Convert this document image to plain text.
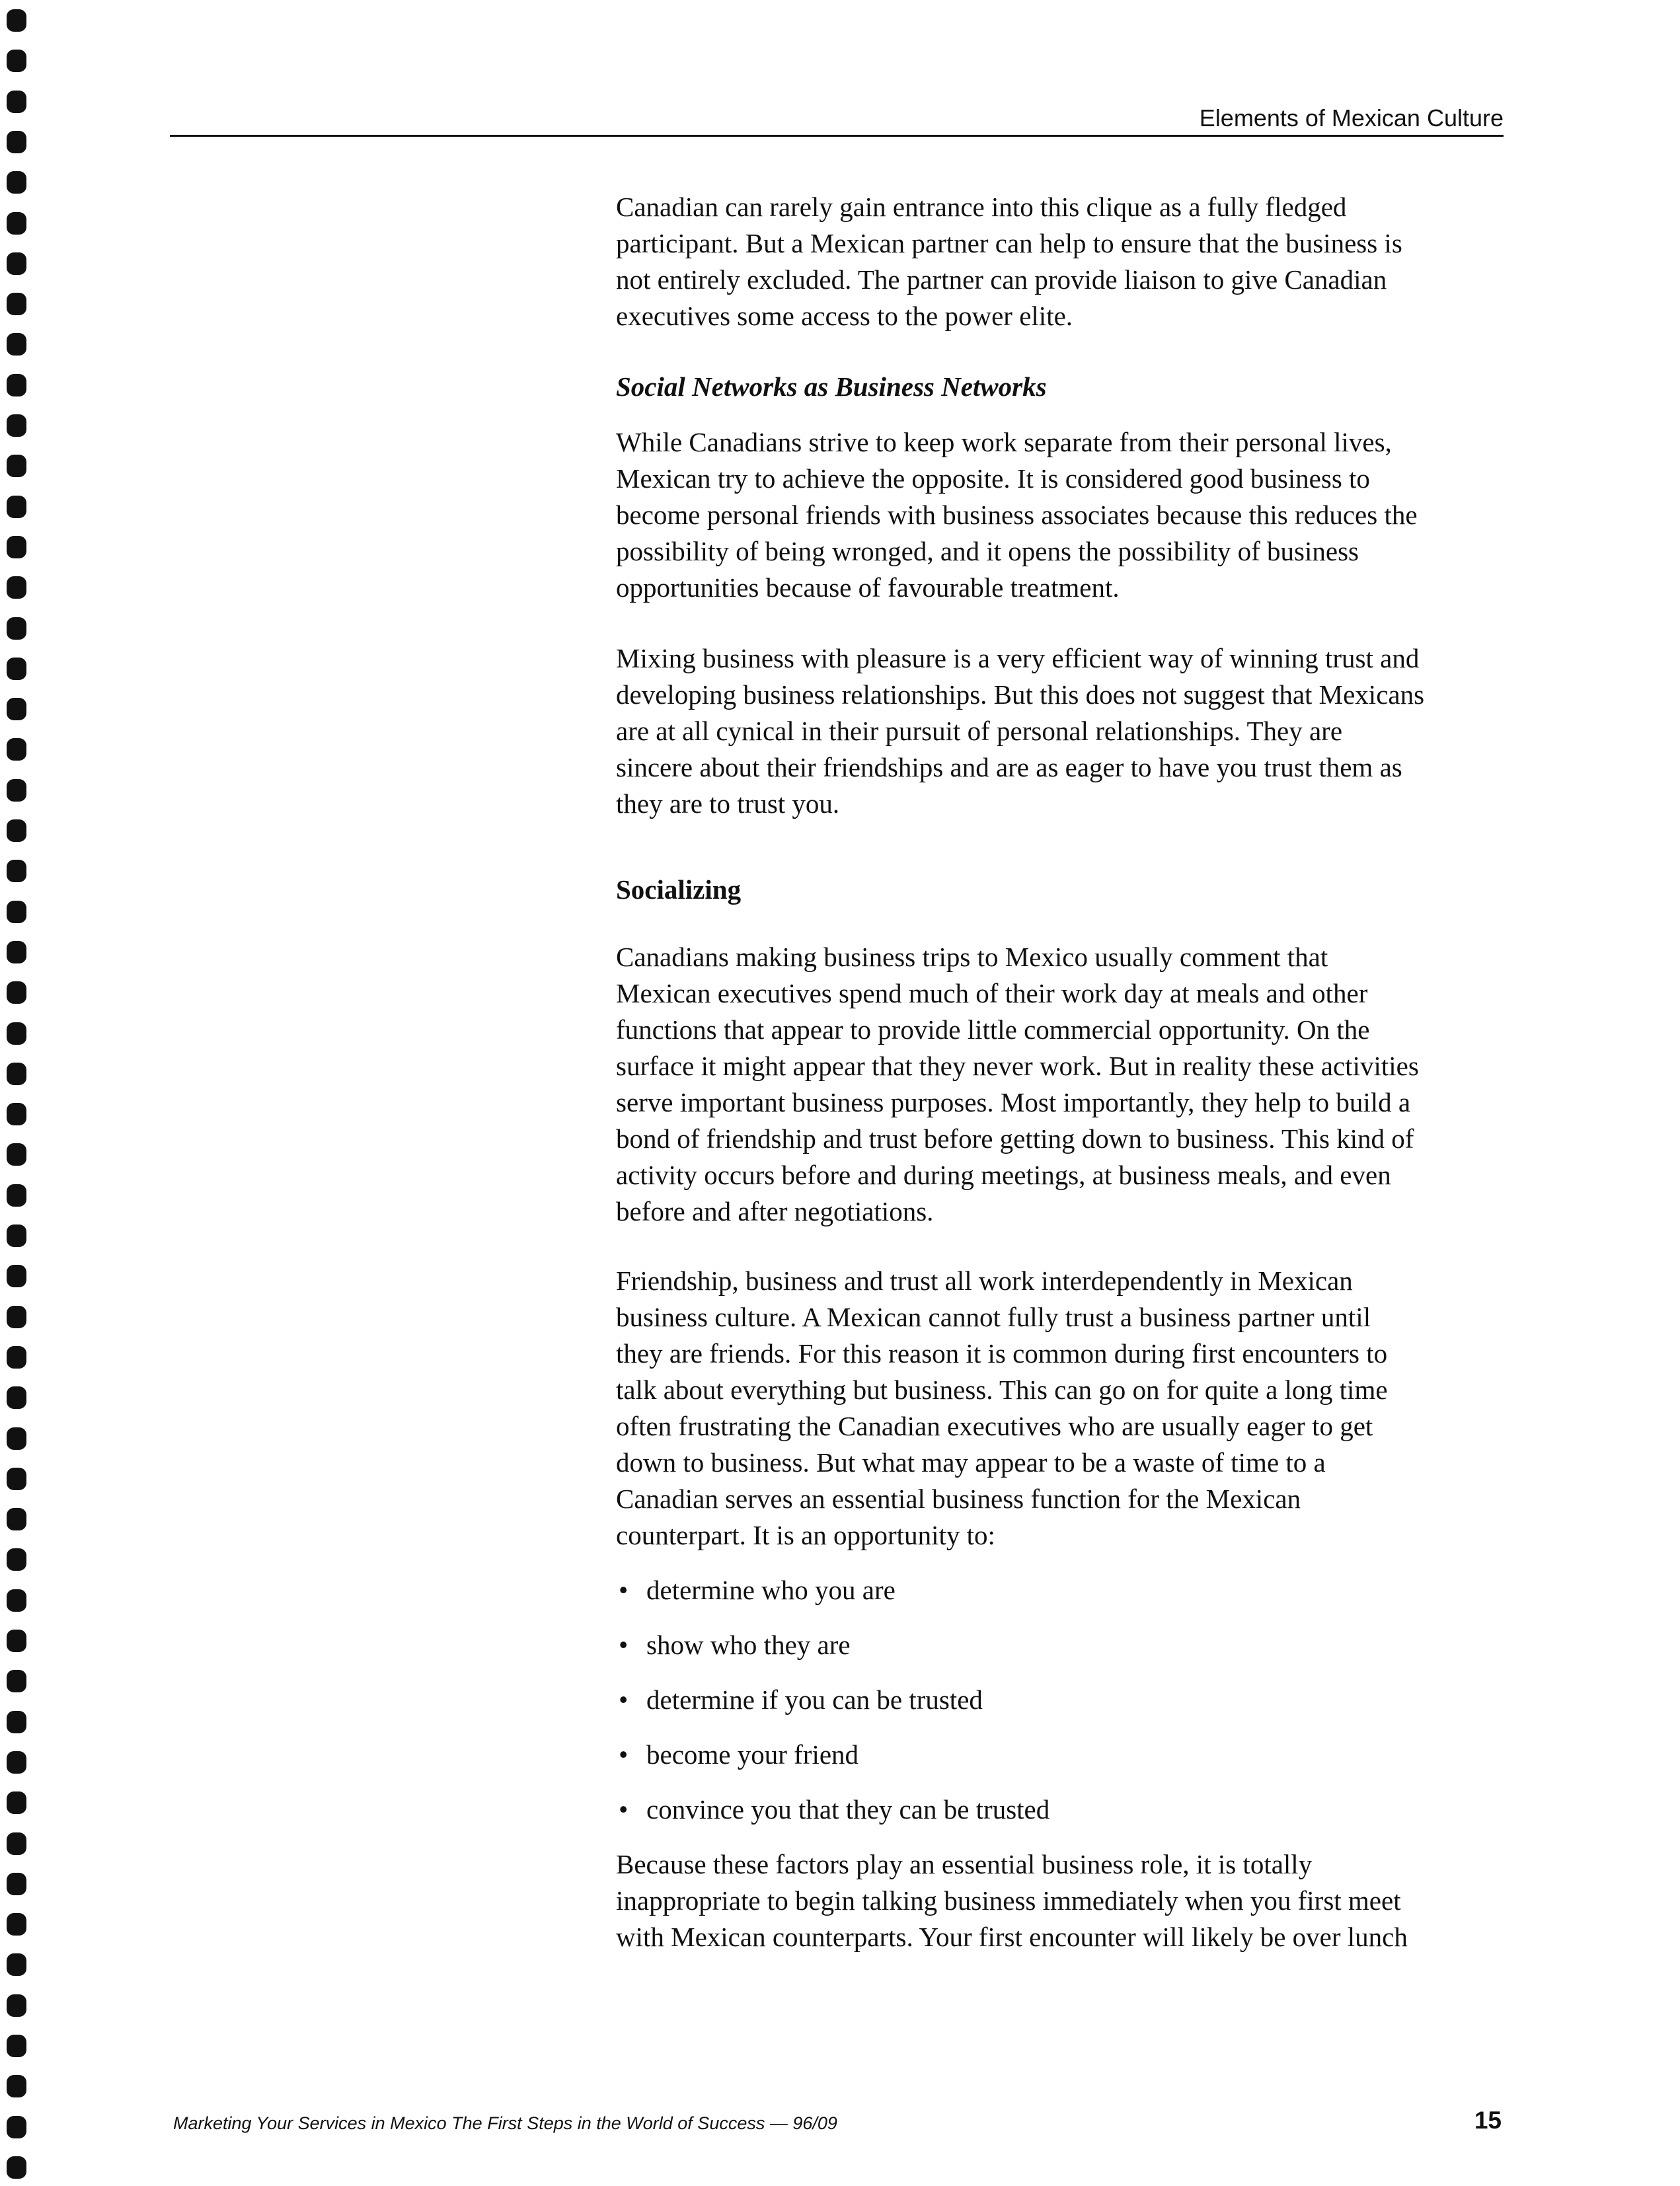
Elements of Mexican Culture

Canadian can rarely gain entrance into this clique as a fully fledged
participant. But a Mexican partner can help to ensure that the business is
not entirely excluded. The partner can provide liaison to give Canadian
executives some access to the power elite.

Social Networks as Business Networks

While Canadians strive to keep work separate from their personal lives,
Mexican try to achieve the opposite. It is considered good business to
become personal friends with business associates because this reduces the
possibility of being wronged, and it opens the possibility of business
opportunities because of favourable treatment.

Mixing business with pleasure is a very efficient way of winning trust and
developing business relationships. But this does not suggest that Mexicans
are at all cynical in their pursuit of personal relationships. They are
sincere about their friendships and are as eager to have you trust them as
they are to trust you.

Socializing

Canadians making business trips to Mexico usually comment that
Mexican executives spend much of their work day at meals and other
functions that appear to provide little commercial opportunity. On the
surface it might appear that they never work. But in reality these activities
serve important business purposes. Most importantly, they help to build a
bond of friendship and trust before getting down to business. This kind of
activity occurs before and during meetings, at business meals, and even
before and after negotiations.

Friendship, business and trust all work interdependently in Mexican
business culture. A Mexican cannot fully trust a business partner until
they are friends. For this reason it is common during first encounters to
talk about everything but business. This can go on for quite a long time
often frustrating the Canadian executives who are usually eager to get
down to business. But what may appear to be a waste of time to a
Canadian serves an essential business function for the Mexican
counterpart. It is an opportunity to:

• determine who you are
• show who they are
• determine if you can be trusted
• become your friend
• convince you that they can be trusted

Because these factors play an essential business role, it is totally
inappropriate to begin talking business immediately when you first meet
with Mexican counterparts. Your first encounter will likely be over lunch

Marketing Your Services in Mexico The First Steps in the World of Success — 96/09	15
